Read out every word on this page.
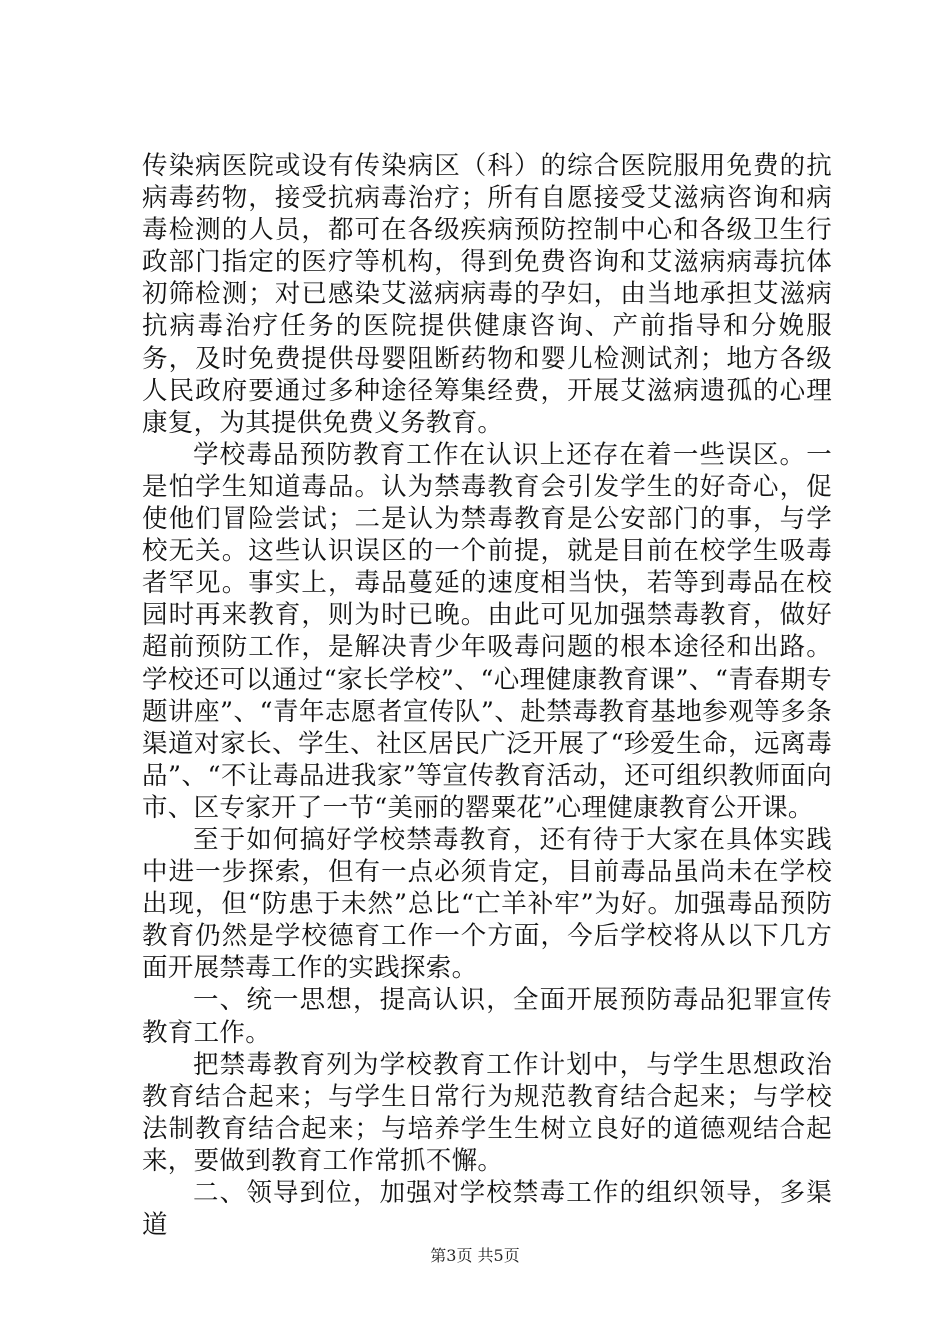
传染病医院或设有传染病区（科）的综合医院服用免费的抗病毒药物，接受抗病毒治疗；所有自愿接受艾滋病咨询和病毒检测的人员，都可在各级疾病预防控制中心和各级卫生行政部门指定的医疗等机构，得到免费咨询和艾滋病病毒抗体初筛检测；对已感染艾滋病病毒的孕妇，由当地承担艾滋病抗病毒治疗任务的医院提供健康咨询、产前指导和分娩服务，及时免费提供母婴阻断药物和婴儿检测试剂；地方各级人民政府要通过多种途径筹集经费，开展艾滋病遗孤的心理康复，为其提供免费义务教育。

学校毒品预防教育工作在认识上还存在着一些误区。一是怕学生知道毒品。认为禁毒教育会引发学生的好奇心，促使他们冒险尝试；二是认为禁毒教育是公安部门的事，与学校无关。这些认识误区的一个前提，就是目前在校学生吸毒者罕见。事实上，毒品蔓延的速度相当快，若等到毒品在校园时再来教育，则为时已晚。由此可见加强禁毒教育，做好超前预防工作，是解决青少年吸毒问题的根本途径和出路。学校还可以通过“家长学校”、“心理健康教育课”、“青春期专题讲座”、“青年志愿者宣传队”、赴禁毒教育基地参观等多条渠道对家长、学生、社区居民广泛开展了“珍爱生命，远离毒品”、“不让毒品进我家”等宣传教育活动，还可组织教师面向市、区专家开了一节“美丽的罂粟花”心理健康教育公开课。

至于如何搞好学校禁毒教育，还有待于大家在具体实践中进一步探索，但有一点必须肯定，目前毒品虽尚未在学校出现，但“防患于未然”总比“亡羊补牢”为好。加强毒品预防教育仍然是学校德育工作一个方面，今后学校将从以下几方面开展禁毒工作的实践探索。

一、统一思想，提高认识，全面开展预防毒品犯罪宣传教育工作。

把禁毒教育列为学校教育工作计划中，与学生思想政治教育结合起来；与学生日常行为规范教育结合起来；与学校法制教育结合起来；与培养学生生树立良好的道德观结合起来，要做到教育工作常抓不懈。

二、领导到位，加强对学校禁毒工作的组织领导，多渠道

第3页 共5页
